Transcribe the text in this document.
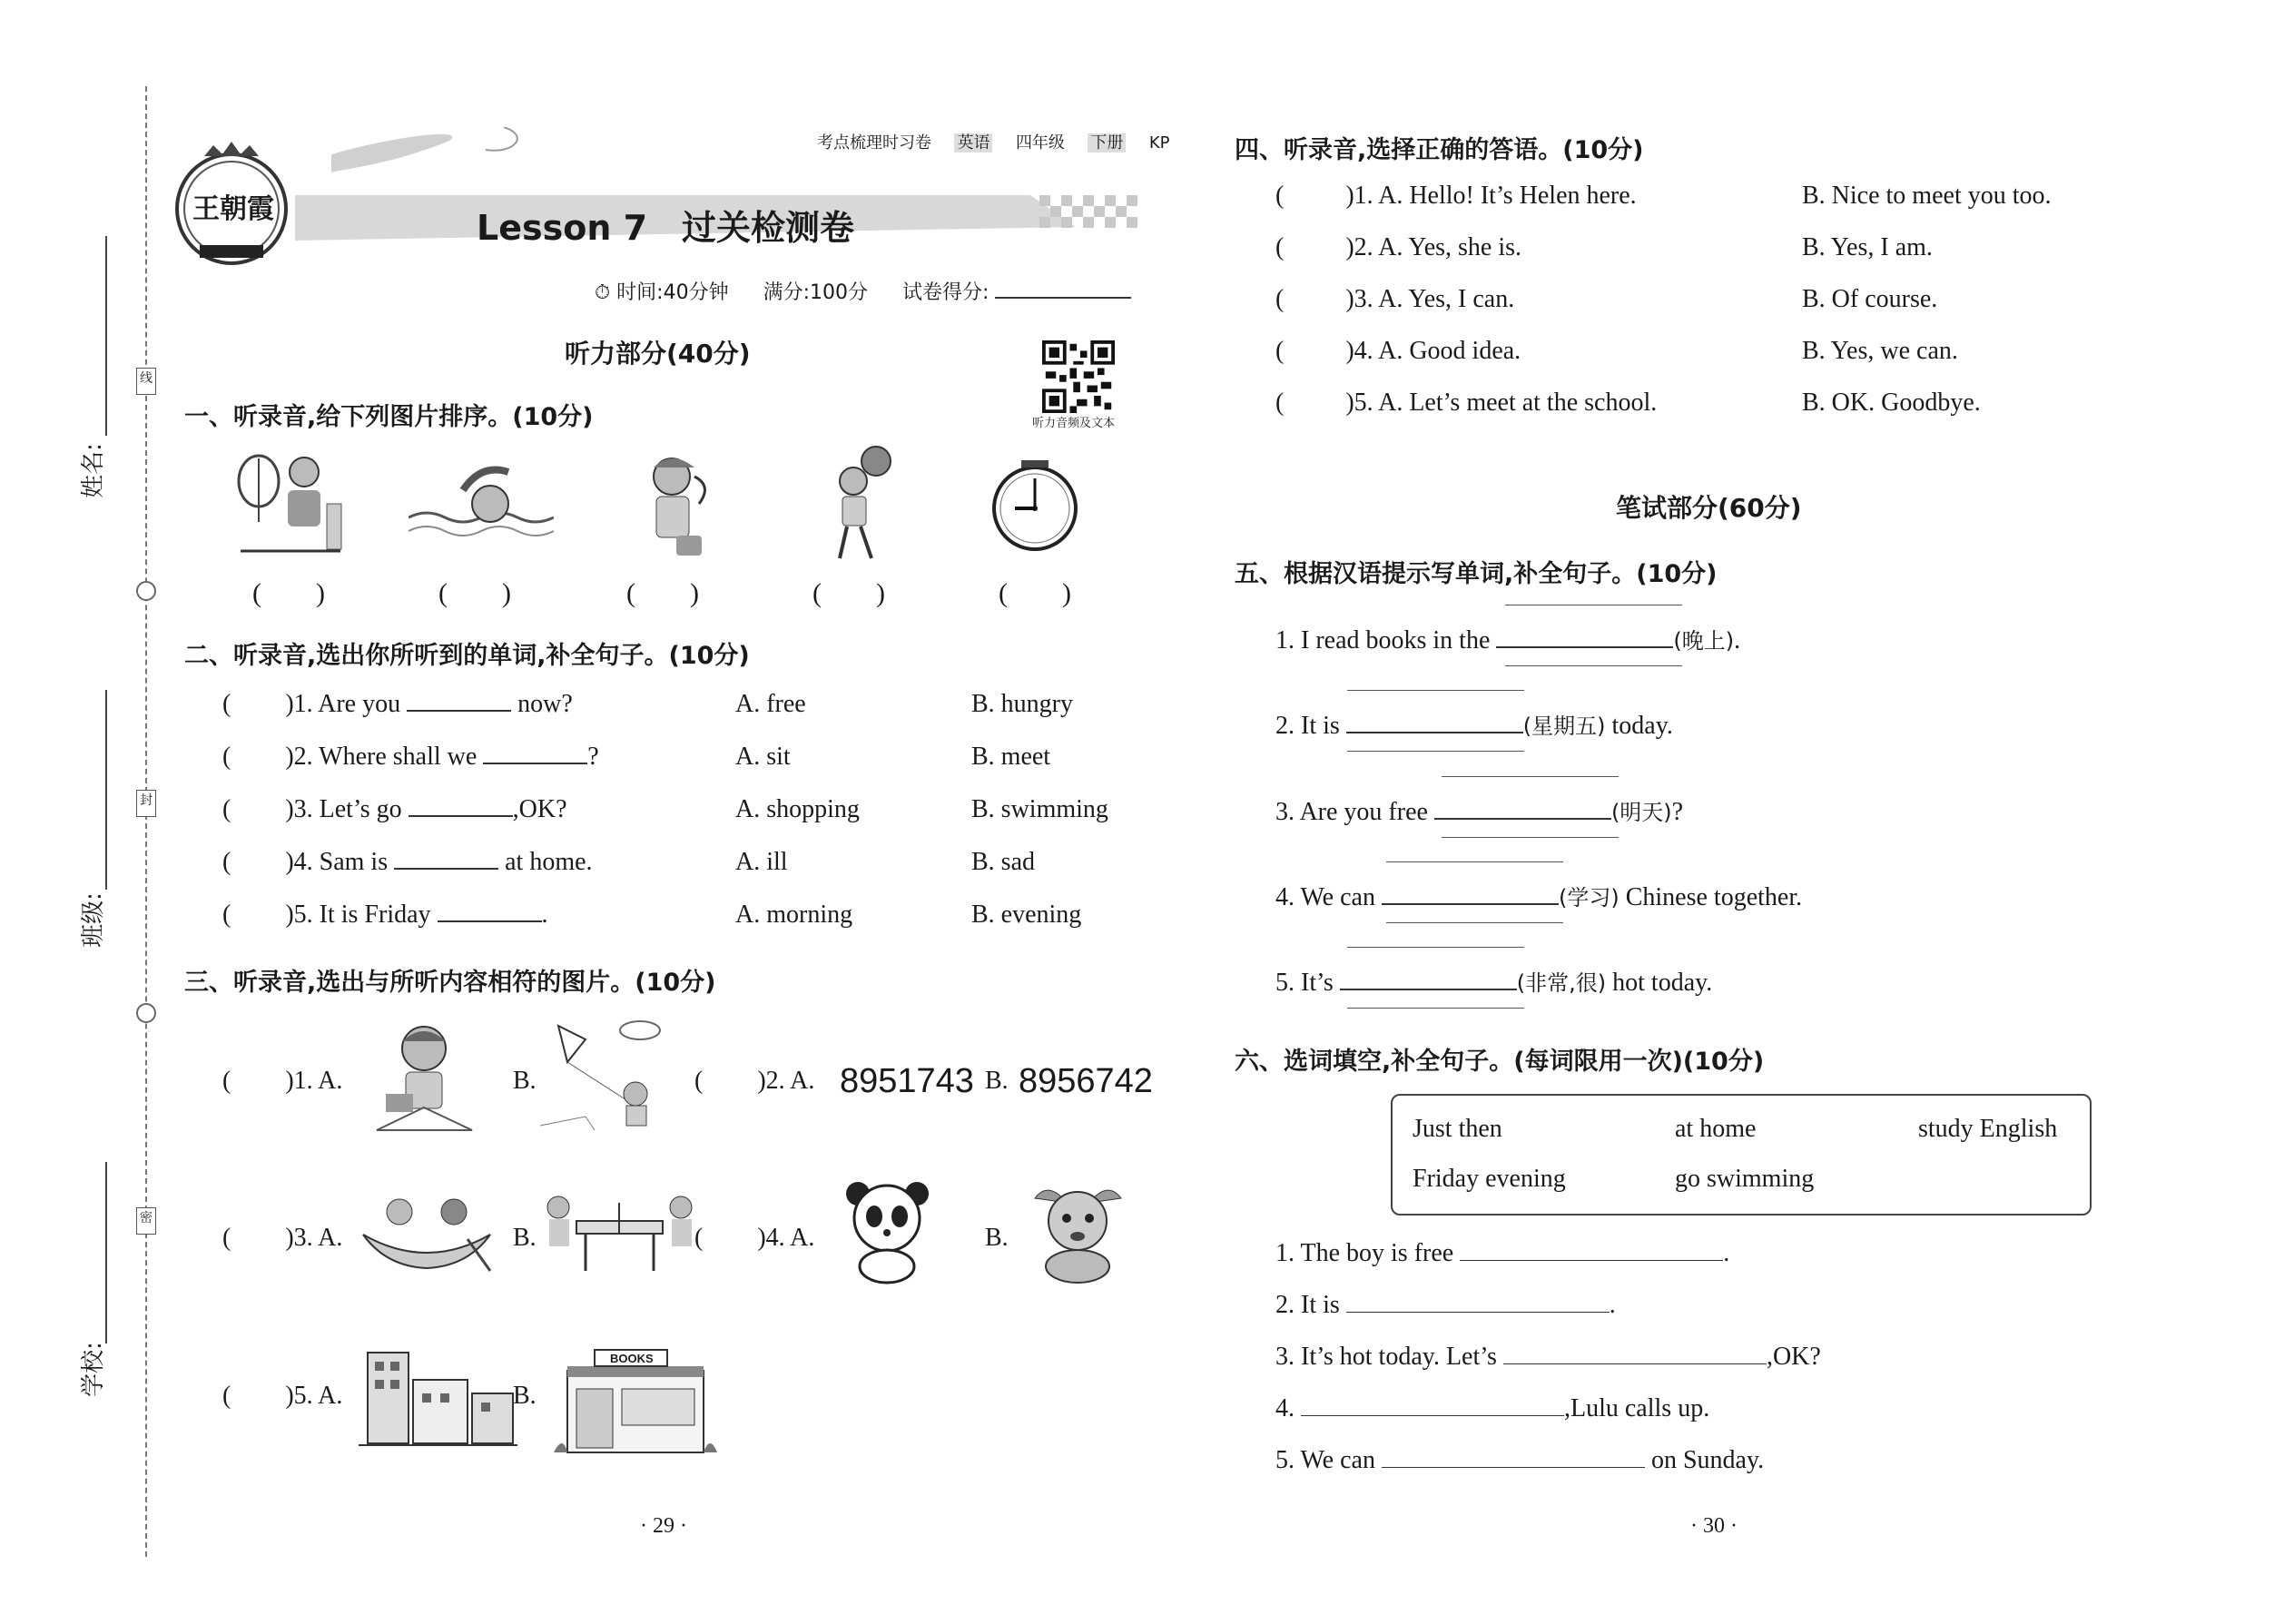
姓名:
班级:
学校:
线
封
密
考点梳理时习卷 英语 四年级 下册 KP
王朝霞	Lesson 7　过关检测卷
⏱ 时间:40分钟 满分:100分 试卷得分:
听力部分(40分)
听力音频及文本
一、听录音,给下列图片排序。(10分)
(　　)	(　　)	(　　)	(　　)	(　　)
二、听录音,选出你所听到的单词,补全句子。(10分)
( )1. Are you	now?	A. free	B. hungry
( )2. Where shall we	?	A. sit	B. meet
( )3. Let’s go	,OK?	A. shopping	B. swimming
( )4. Sam is	at home.	A. ill	B. sad
( )5. It is Friday	.	A. morning	B. evening
三、听录音,选出与所听内容相符的图片。(10分)
( )1. A.	B.	( )2. A. 8951743 B. 8956742
( )3. A.	B.	( )4. A.	B.
( )5. A.	B.
BOOKS
· 29 ·
四、听录音,选择正确的答语。(10分)
( )1. A. Hello! It’s Helen here.	B. Nice to meet you too.
( )2. A. Yes, she is.	B. Yes, I am.
( )3. A. Yes, I can.	B. Of course.
( )4. A. Good idea.	B. Yes, we can.
( )5. A. Let’s meet at the school.	B. OK. Goodbye.
笔试部分(60分)
五、根据汉语提示写单词,补全句子。(10分)
1. I read books in the	(晚上).
2. It is	(星期五) today.
3. Are you free	(明天)?
4. We can	(学习) Chinese together.
5. It’s	(非常,很) hot today.
六、选词填空,补全句子。(每词限用一次)(10分)
Just then	at home	study English
Friday evening	go swimming
1. The boy is free	.
2. It is	.
3. It’s hot today. Let’s	,OK?
4.	,Lulu calls up.
5. We can	on Sunday.
· 30 ·
